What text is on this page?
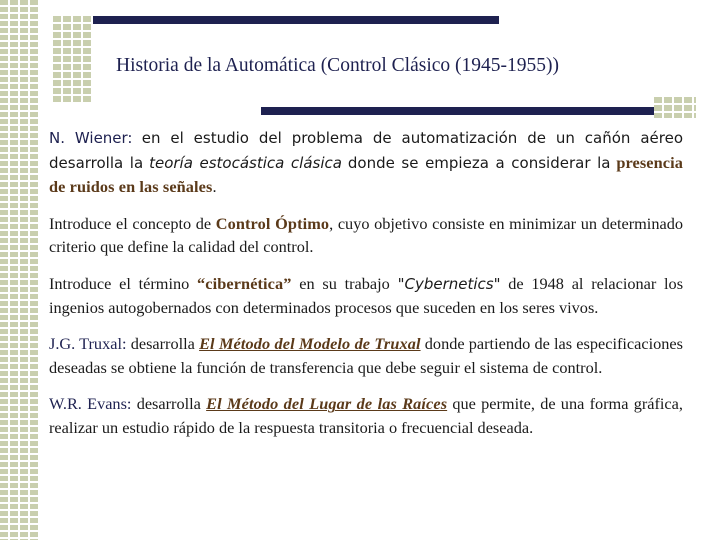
Historia de la Automática (Control Clásico (1945-1955))

N. Wiener: en el estudio del problema de automatización de un cañón aéreo desarrolla la teoría estocástica clásica donde se empieza a considerar la presencia de ruidos en las señales.

Introduce el concepto de Control Óptimo, cuyo objetivo consiste en minimizar un determinado criterio que define la calidad del control.

Introduce el término “cibernética” en su trabajo "Cybernetics" de 1948 al relacionar los ingenios autogobernados con determinados procesos que suceden en los seres vivos.

J.G. Truxal: desarrolla El Método del Modelo de Truxal donde partiendo de las especificaciones deseadas se obtiene la función de transferencia que debe seguir el sistema de control.

W.R. Evans: desarrolla El Método del Lugar de las Raíces que permite, de una forma gráfica, realizar un estudio rápido de la respuesta transitoria o frecuencial deseada.
